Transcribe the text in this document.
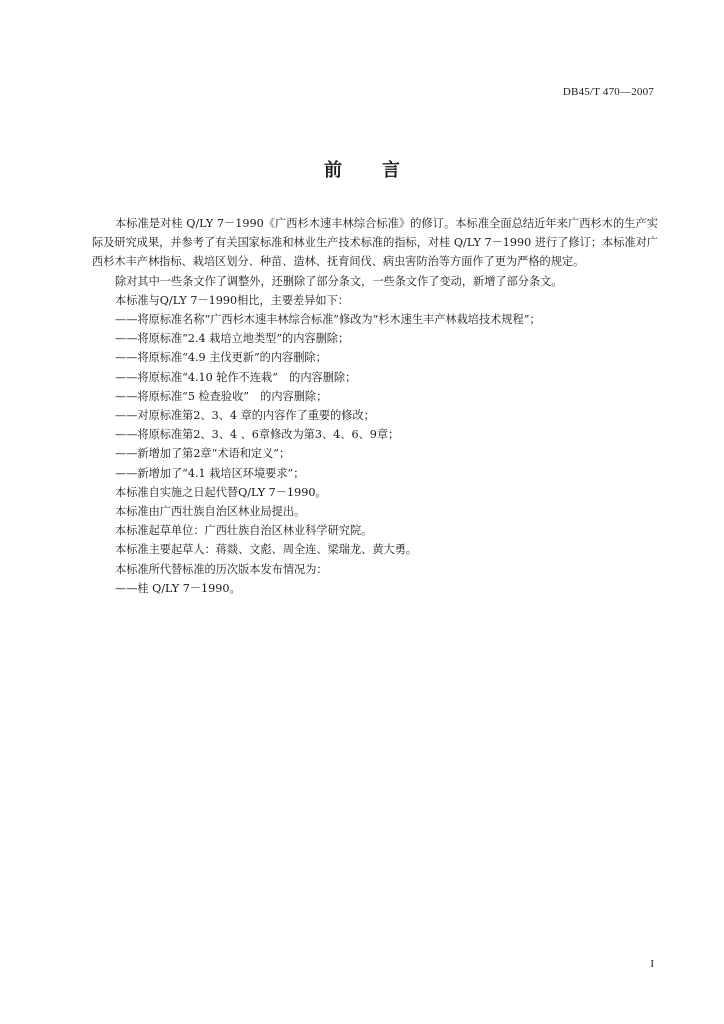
DB45/T 470—2007
前言

本标准是对桂 Q/LY 7－1990《广西杉木速丰林综合标准》的修订。本标准全面总结近年来广西杉木的生产实际及研究成果，并参考了有关国家标准和林业生产技术标准的指标，对桂 Q/LY 7－1990 进行了修订；本标准对广西杉木丰产林指标、栽培区划分、种苗、造林、抚育间伐、病虫害防治等方面作了更为严格的规定。

除对其中一些条文作了调整外，还删除了部分条文，一些条文作了变动，新增了部分条文。

本标准与Q/LY 7－1990相比，主要差异如下：

——将原标准名称“广西杉木速丰林综合标准”修改为“杉木速生丰产林栽培技术规程”；

——将原标准“2.4 栽培立地类型”的内容删除；

——将原标准“4.9 主伐更新”的内容删除；

——将原标准“4.10 轮作不连栽”　的内容删除；

——将原标准“5 检查验收”　的内容删除；

——对原标准第2、3、4 章的内容作了重要的修改；

——将原标准第2、3、4 、6章修改为第3、4、6、9章；

——新增加了第2章“术语和定义”；

——新增加了“4.1 栽培区环境要求”；

本标准自实施之日起代替Q/LY 7－1990。

本标准由广西壮族自治区林业局提出。

本标准起草单位：广西壮族自治区林业科学研究院。

本标准主要起草人：蒋燚、文彪、周全连、梁瑞龙、黄大勇。

本标准所代替标准的历次版本发布情况为：

——桂 Q/LY 7－1990。

I
